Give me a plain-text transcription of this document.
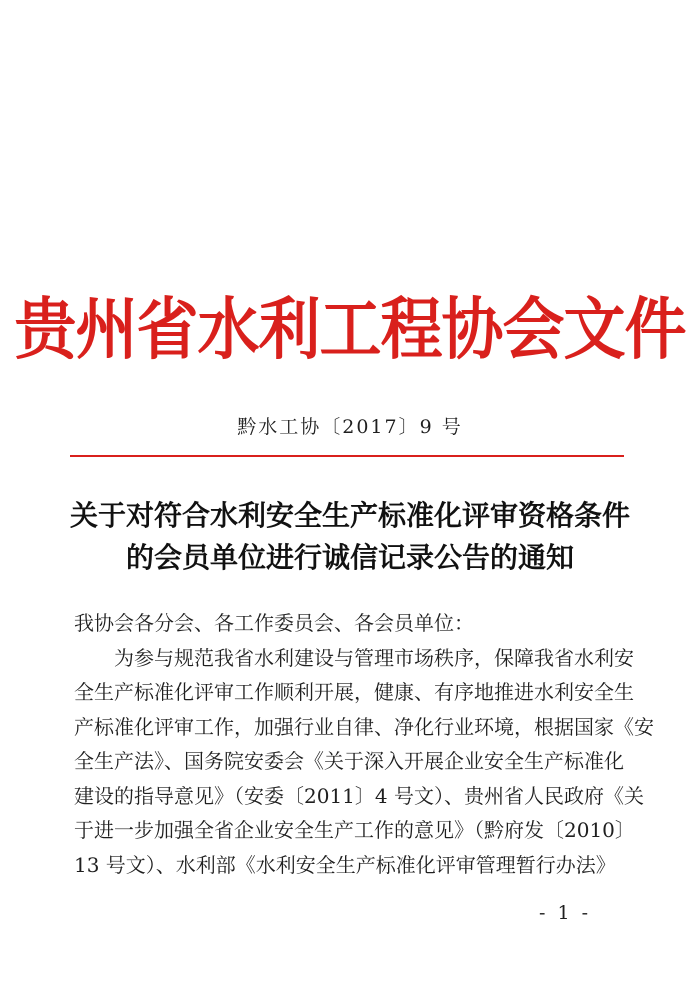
贵州省水利工程协会文件
黔水工协〔2017〕9 号
关于对符合水利安全生产标准化评审资格条件
的会员单位进行诚信记录公告的通知
我协会各分会、各工作委员会、各会员单位：
为参与规范我省水利建设与管理市场秩序，保障我省水利安
全生产标准化评审工作顺利开展，健康、有序地推进水利安全生
产标准化评审工作，加强行业自律、净化行业环境，根据国家《安
全生产法》、国务院安委会《关于深入开展企业安全生产标准化
建设的指导意见》（安委〔2011〕4 号文）、贵州省人民政府《关
于进一步加强全省企业安全生产工作的意见》（黔府发〔2010〕
13 号文）、水利部《水利安全生产标准化评审管理暂行办法》
- 1 -
